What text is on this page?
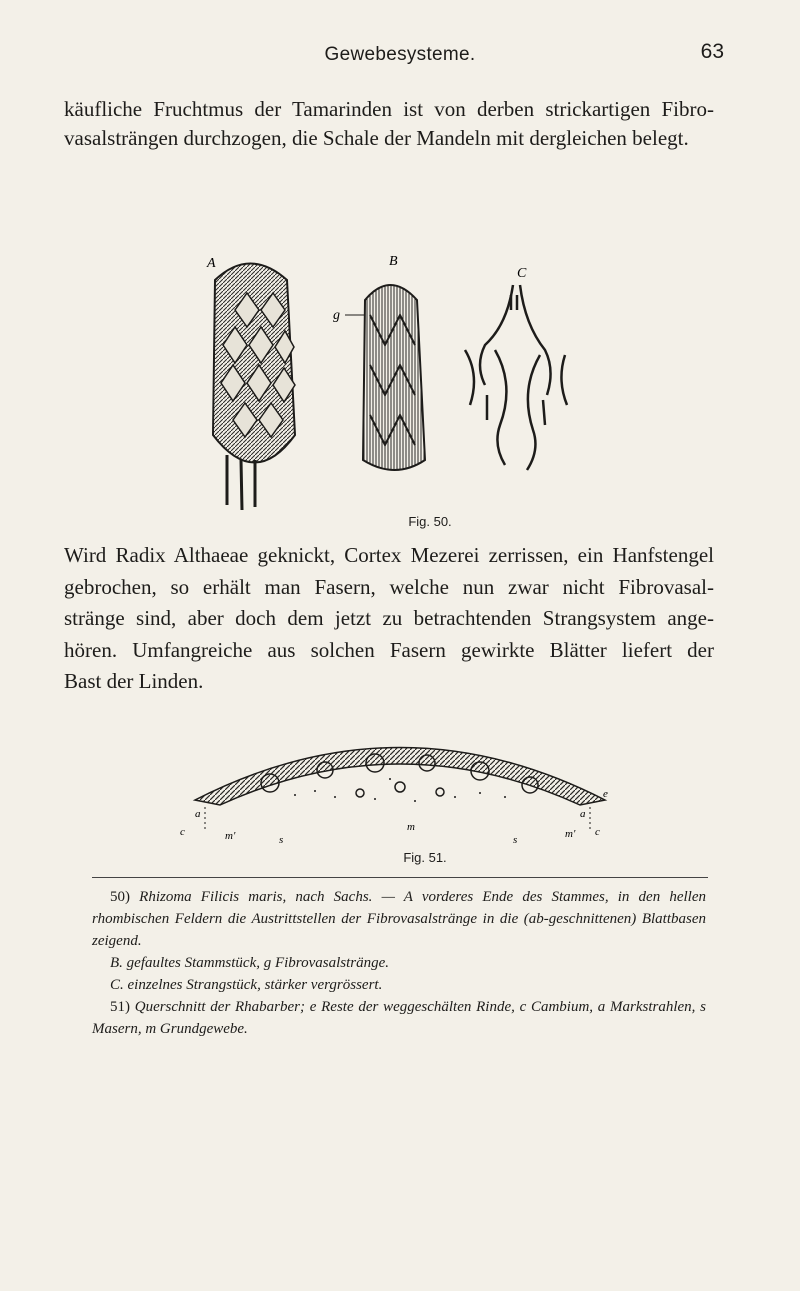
Gewebesysteme.	63
käufliche Fruchtmus der Tamarinden ist von derben strickartigen Fibro-
vasalsträngen durchzogen, die Schale der Mandeln mit dergleichen belegt.
A	B
C
g
Fig. 50.
Wird Radix Althaeae geknickt, Cortex Mezerei zerrissen, ein Hanfstengel
gebrochen, so erhält man Fasern, welche nun zwar nicht Fibrovasal-
stränge sind, aber doch dem jetzt zu betrachtenden Strangsystem ange-
hören. Umfangreiche aus solchen Fasern gewirkte Blätter liefert der
Bast der Linden.
e
a	a
c	c
m'
m
m'
s	s
Fig. 51.

50) Rhizoma Filicis maris, nach Sachs. — A vorderes Ende des Stammes, in den hellen rhombischen Feldern die Austrittstellen der Fibrovasalstränge in die (ab-geschnittenen) Blattbasen zeigend.

B. gefaultes Stammstück, g Fibrovasalstränge.

C. einzelnes Strangstück, stärker vergrössert.

51) Querschnitt der Rhabarber; e Reste der weggeschälten Rinde, c Cambium, a Markstrahlen, s Masern, m Grundgewebe.
